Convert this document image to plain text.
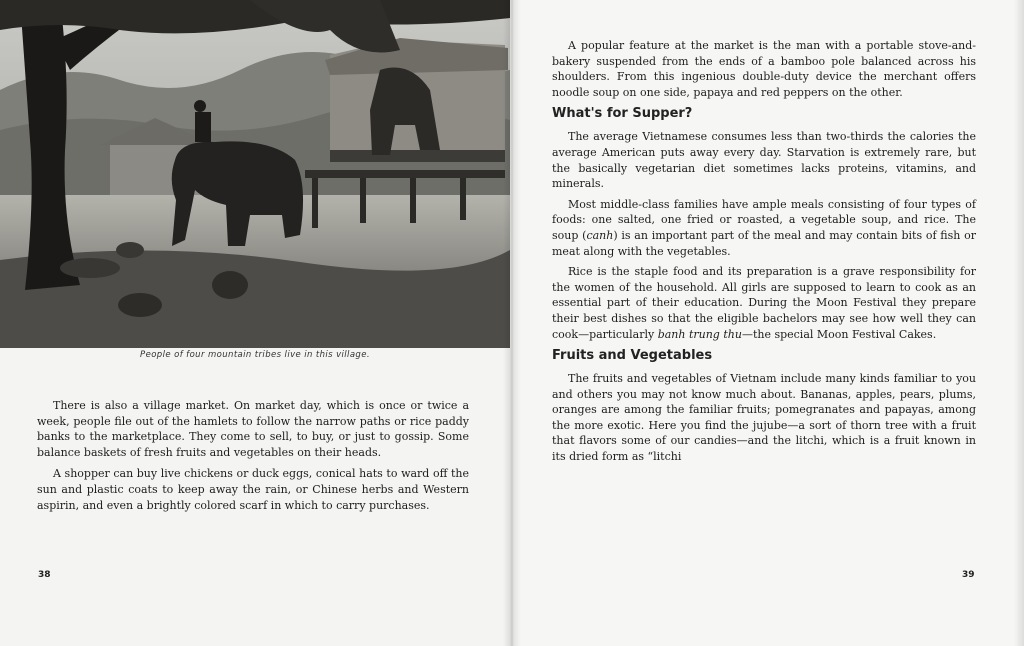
People of four mountain tribes live in this village.

There is also a village market. On market day, which is once or twice a week, people file out of the hamlets to follow the narrow paths or rice paddy banks to the marketplace. They come to sell, to buy, or just to gossip. Some balance baskets of fresh fruits and vegetables on their heads.

A shopper can buy live chickens or duck eggs, conical hats to ward off the sun and plastic coats to keep away the rain, or Chinese herbs and Western aspirin, and even a brightly colored scarf in which to carry purchases.

38

A popular feature at the market is the man with a portable stove-and-bakery suspended from the ends of a bamboo pole balanced across his shoulders. From this ingenious double-duty device the merchant offers noodle soup on one side, papaya and red peppers on the other.

What's for Supper?

The average Vietnamese consumes less than two-thirds the calories the average American puts away every day. Starvation is extremely rare, but the basically vegetarian diet sometimes lacks proteins, vitamins, and minerals.

Most middle-class families have ample meals consisting of four types of foods: one salted, one fried or roasted, a vegetable soup, and rice. The soup (canh) is an important part of the meal and may contain bits of fish or meat along with the vegetables.

Rice is the staple food and its preparation is a grave responsibility for the women of the household. All girls are supposed to learn to cook as an essential part of their education. During the Moon Festival they prepare their best dishes so that the eligible bachelors may see how well they can cook—particularly banh trung thu—the special Moon Festival Cakes.

Fruits and Vegetables

The fruits and vegetables of Vietnam include many kinds familiar to you and others you may not know much about. Bananas, apples, pears, plums, oranges are among the familiar fruits; pomegranates and papayas, among the more exotic. Here you find the jujube—a sort of thorn tree with a fruit that flavors some of our candies—and the litchi, which is a fruit known in its dried form as “litchi

39
